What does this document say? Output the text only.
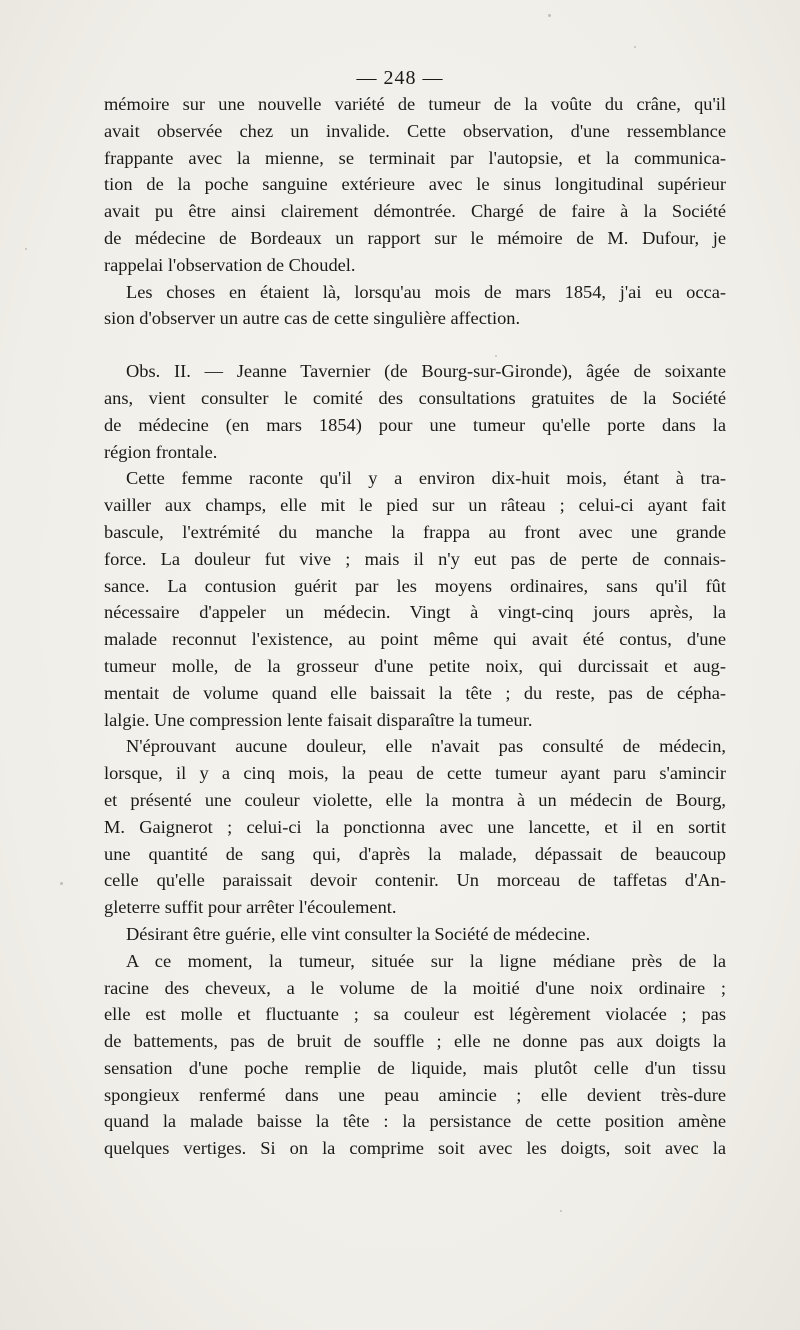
— 248 —

mémoire sur une nouvelle variété de tumeur de la voûte du crâne, qu'il
avait observée chez un invalide. Cette observation, d'une ressemblance
frappante avec la mienne, se terminait par l'autopsie, et la communica-
tion de la poche sanguine extérieure avec le sinus longitudinal supérieur
avait pu être ainsi clairement démontrée. Chargé de faire à la Société
de médecine de Bordeaux un rapport sur le mémoire de M. Dufour, je
rappelai l'observation de Choudel.

Les choses en étaient là, lorsqu'au mois de mars 1854, j'ai eu occa-
sion d'observer un autre cas de cette singulière affection.

Obs. II. — Jeanne Tavernier (de Bourg-sur-Gironde), âgée de soixante
ans, vient consulter le comité des consultations gratuites de la Société
de médecine (en mars 1854) pour une tumeur qu'elle porte dans la
région frontale.

Cette femme raconte qu'il y a environ dix-huit mois, étant à tra-
vailler aux champs, elle mit le pied sur un râteau ; celui-ci ayant fait
bascule, l'extrémité du manche la frappa au front avec une grande
force. La douleur fut vive ; mais il n'y eut pas de perte de connais-
sance. La contusion guérit par les moyens ordinaires, sans qu'il fût
nécessaire d'appeler un médecin. Vingt à vingt-cinq jours après, la
malade reconnut l'existence, au point même qui avait été contus, d'une
tumeur molle, de la grosseur d'une petite noix, qui durcissait et aug-
mentait de volume quand elle baissait la tête ; du reste, pas de cépha-
lalgie. Une compression lente faisait disparaître la tumeur.

N'éprouvant aucune douleur, elle n'avait pas consulté de médecin,
lorsque, il y a cinq mois, la peau de cette tumeur ayant paru s'amincir
et présenté une couleur violette, elle la montra à un médecin de Bourg,
M. Gaignerot ; celui-ci la ponctionna avec une lancette, et il en sortit
une quantité de sang qui, d'après la malade, dépassait de beaucoup
celle qu'elle paraissait devoir contenir. Un morceau de taffetas d'An-
gleterre suffit pour arrêter l'écoulement.

Désirant être guérie, elle vint consulter la Société de médecine.

A ce moment, la tumeur, située sur la ligne médiane près de la
racine des cheveux, a le volume de la moitié d'une noix ordinaire ;
elle est molle et fluctuante ; sa couleur est légèrement violacée ; pas
de battements, pas de bruit de souffle ; elle ne donne pas aux doigts la
sensation d'une poche remplie de liquide, mais plutôt celle d'un tissu
spongieux renfermé dans une peau amincie ; elle devient très-dure
quand la malade baisse la tête : la persistance de cette position amène
quelques vertiges. Si on la comprime soit avec les doigts, soit avec la
